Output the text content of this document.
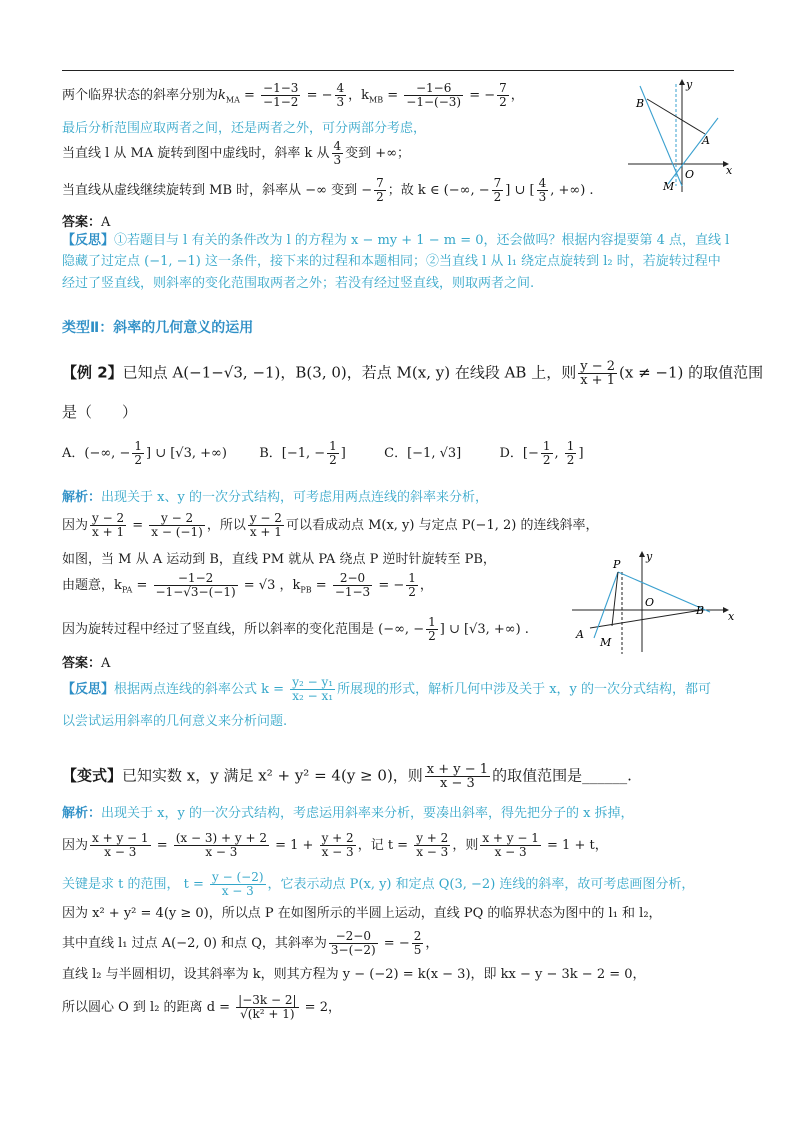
两个临界状态的斜率分别为$k_{MA} = \frac{-1-3}{-1-2}$ = − $\frac{4}{3}$ ，$k_{MB} = \frac{-1-6}{-1-(-3)}$ = − $\frac{7}{2}$ ，
最后分析范围应取两者之间，还是两者之外，可分两部分考虑，
当直线 l 从 MA 旋转到图中虚线时，斜率 k 从 $\frac{4}{3}$ 变到 +∞；
当直线从虚线继续旋转到 MB 时，斜率从 −∞ 变到 − $\frac{7}{2}$ ；故 k ∈ (−∞, − $\frac{7}{2}$ ] ∪ [ $\frac{4}{3}$ , +∞) .
答案：A
【反思】①若题目与 l 有关的条件改为 l 的方程为 x − my + 1 − m = 0，还会做吗？根据内容提要第 4 点，直线 l
隐藏了过定点 (−1, −1) 这一条件，接下来的过程和本题相同；②当直线 l 从 l₁ 绕定点旋转到 l₂ 时，若旋转过程中
经过了竖直线，则斜率的变化范围取两者之外；若没有经过竖直线，则取两者之间.
类型Ⅱ：斜率的几何意义的运用
【例 2】已知点 A(−1−√3, −1)，B(3, 0)，若点 M(x, y) 在线段 AB 上，则 $\frac{y - 2}{x + 1} (x \ne -1)$ 的取值范围
是（　　）
A．(−∞, − $\frac{1}{2}$ ] ∪ [√3, +∞) B．[−1, − $\frac{1}{2}$ ]	C．[−1, √3]	D．[− $\frac{1}{2}$ , $\frac{1}{2}$ ]
解析：出现关于 x、y 的一次分式结构，可考虑用两点连线的斜率来分析，
因为 $\frac{y - 2}{x + 1} = \frac{y - 2}{x - (-1)}$ ，所以 $\frac{y - 2}{x + 1}$ 可以看成动点 M(x, y) 与定点 P(−1, 2) 的连线斜率，
如图，当 M 从 A 运动到 B，直线 PM 就从 PA 绕点 P 逆时针旋转至 PB，
由题意，$k_{PA} = \frac{-1-2}{-1-√3-(-1)} = √3$ ，$k_{PB} = \frac{2-0}{-1-3}$ = − $\frac{1}{2}$ ，
因为旋转过程中经过了竖直线，所以斜率的变化范围是 (−∞, − $\frac{1}{2}$ ] ∪ [√3, +∞) .
答案：A
【反思】根据两点连线的斜率公式 $k = \frac{\text{y₂ − y₁}}{\text{x₂ − x₁}}$ 所展现的形式，解析几何中涉及关于 x，y 的一次分式结构，都可
以尝试运用斜率的几何意义来分析问题.
【变式】已知实数 x，y 满足 x² + y² = 4(y ≥ 0)，则 $\frac{x + y - 1}{x - 3}$ 的取值范围是______.
解析：出现关于 x，y 的一次分式结构，考虑运用斜率来分析，要凑出斜率，得先把分子的 x 拆掉，
因为 $\frac{x + y - 1}{x - 3} = \frac{(x - 3) + y + 2}{x - 3} = 1 + \frac{y + 2}{x - 3}$ ，记 $t = \frac{y + 2}{x - 3}$ ，则 $\frac{x + y - 1}{x - 3} = 1 + t$，
关键是求 t 的范围， $t = \frac{y - (-2)}{x - 3}$ ，它表示动点 P(x, y) 和定点 Q(3, −2) 连线的斜率，故可考虑画图分析，
因为 x² + y² = 4(y ≥ 0)，所以点 P 在如图所示的半圆上运动，直线 PQ 的临界状态为图中的 l₁ 和 l₂，
其中直线 l₁ 过点 A(−2, 0) 和点 Q，其斜率为 $\frac{-2-0}{3-(-2)}$ = − $\frac{2}{5}$ ，
直线 l₂ 与半圆相切，设其斜率为 k，则其方程为 y − (−2) = k(x − 3)，即 kx − y − 3k − 2 = 0，
所以圆心 O 到 l₂ 的距离 $d = \frac{|-3k - 2|}{\text{√(k² + 1)}} = 2$，
y
x
B
A
O
M
y
x
P
O
B
A
M
